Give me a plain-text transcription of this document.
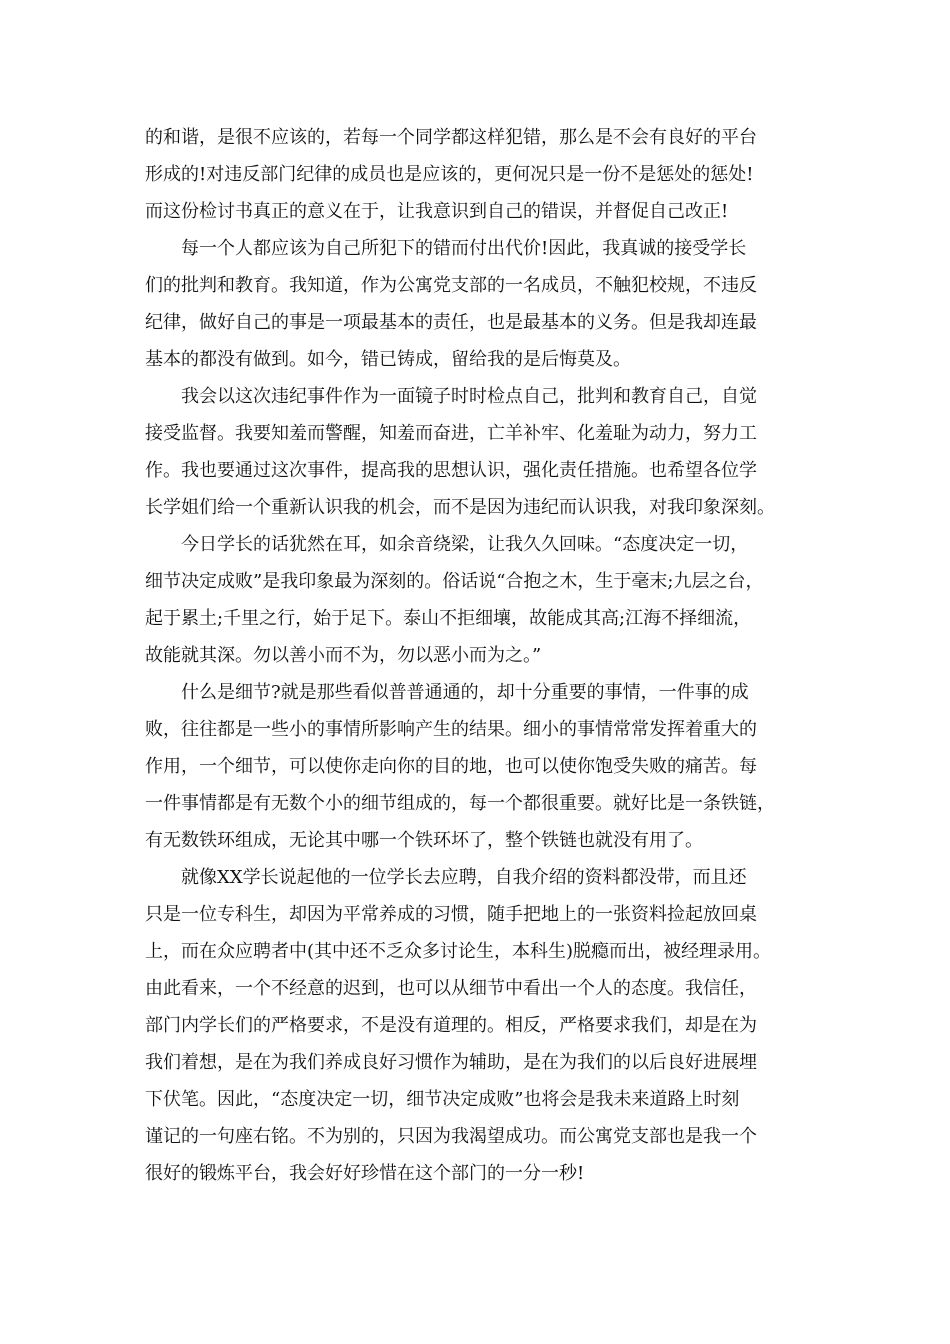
的和谐，是很不应该的，若每一个同学都这样犯错，那么是不会有良好的平台
形成的!对违反部门纪律的成员也是应该的，更何况只是一份不是惩处的惩处!
而这份检讨书真正的意义在于，让我意识到自己的错误，并督促自己改正!
每一个人都应该为自己所犯下的错而付出代价!因此，我真诚的接受学长
们的批判和教育。我知道，作为公寓党支部的一名成员，不触犯校规，不违反
纪律，做好自己的事是一项最基本的责任，也是最基本的义务。但是我却连最
基本的都没有做到。如今，错已铸成，留给我的是后悔莫及。
我会以这次违纪事件作为一面镜子时时检点自己，批判和教育自己，自觉
接受监督。我要知羞而警醒，知羞而奋进，亡羊补牢、化羞耻为动力，努力工
作。我也要通过这次事件，提高我的思想认识，强化责任措施。也希望各位学
长学姐们给一个重新认识我的机会，而不是因为违纪而认识我，对我印象深刻。
今日学长的话犹然在耳，如余音绕梁，让我久久回味。“态度决定一切，
细节决定成败”是我印象最为深刻的。俗话说“合抱之木，生于毫末;九层之台，
起于累土;千里之行，始于足下。泰山不拒细壤，故能成其高;江海不择细流，
故能就其深。勿以善小而不为，勿以恶小而为之。”
什么是细节?就是那些看似普普通通的，却十分重要的事情，一件事的成
败，往往都是一些小的事情所影响产生的结果。细小的事情常常发挥着重大的
作用，一个细节，可以使你走向你的目的地，也可以使你饱受失败的痛苦。每
一件事情都是有无数个小的细节组成的，每一个都很重要。就好比是一条铁链，
有无数铁环组成，无论其中哪一个铁环坏了，整个铁链也就没有用了。
就像XX学长说起他的一位学长去应聘，自我介绍的资料都没带，而且还
只是一位专科生，却因为平常养成的习惯，随手把地上的一张资料捡起放回桌
上，而在众应聘者中(其中还不乏众多讨论生，本科生)脱瘾而出，被经理录用。
由此看来，一个不经意的迟到，也可以从细节中看出一个人的态度。我信任，
部门内学长们的严格要求，不是没有道理的。相反，严格要求我们，却是在为
我们着想，是在为我们养成良好习惯作为辅助，是在为我们的以后良好进展埋
下伏笔。因此，“态度决定一切，细节决定成败”也将会是我未来道路上时刻
谨记的一句座右铭。不为别的，只因为我渴望成功。而公寓党支部也是我一个
很好的锻炼平台，我会好好珍惜在这个部门的一分一秒!
